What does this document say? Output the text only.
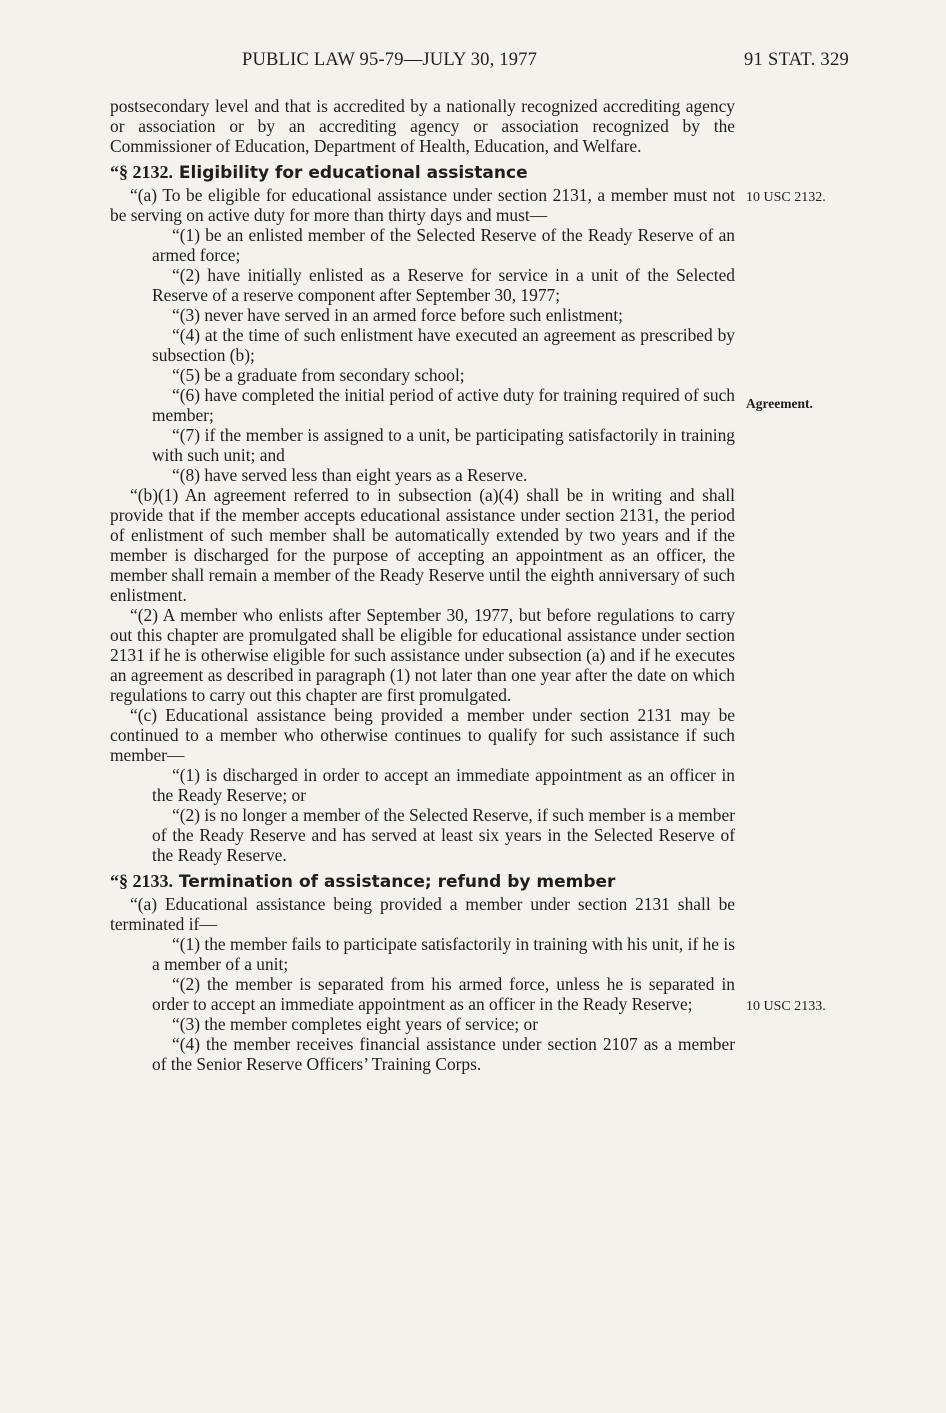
PUBLIC LAW 95-79—JULY 30, 1977	91 STAT. 329
10 USC 2132.
Agreement.
10 USC 2133.

postsecondary level and that is accredited by a nationally recognized accrediting agency or association or by an accrediting agency or association recognized by the Commissioner of Education, Department of Health, Education, and Welfare.

“§ 2132. Eligibility for educational assistance

“(a) To be eligible for educational assistance under section 2131, a member must not be serving on active duty for more than thirty days and must—

“(1) be an enlisted member of the Selected Reserve of the Ready Reserve of an armed force;

“(2) have initially enlisted as a Reserve for service in a unit of the Selected Reserve of a reserve component after September 30, 1977;

“(3) never have served in an armed force before such enlistment;

“(4) at the time of such enlistment have executed an agreement as prescribed by subsection (b);

“(5) be a graduate from secondary school;

“(6) have completed the initial period of active duty for training required of such member;

“(7) if the member is assigned to a unit, be participating satisfactorily in training with such unit; and

“(8) have served less than eight years as a Reserve.

“(b)(1) An agreement referred to in subsection (a)(4) shall be in writing and shall provide that if the member accepts educational assistance under section 2131, the period of enlistment of such member shall be automatically extended by two years and if the member is discharged for the purpose of accepting an appointment as an officer, the member shall remain a member of the Ready Reserve until the eighth anniversary of such enlistment.

“(2) A member who enlists after September 30, 1977, but before regulations to carry out this chapter are promulgated shall be eligible for educational assistance under section 2131 if he is otherwise eligible for such assistance under subsection (a) and if he executes an agreement as described in paragraph (1) not later than one year after the date on which regulations to carry out this chapter are first promulgated.

“(c) Educational assistance being provided a member under section 2131 may be continued to a member who otherwise continues to qualify for such assistance if such member—

“(1) is discharged in order to accept an immediate appointment as an officer in the Ready Reserve; or

“(2) is no longer a member of the Selected Reserve, if such member is a member of the Ready Reserve and has served at least six years in the Selected Reserve of the Ready Reserve.

“§ 2133. Termination of assistance; refund by member

“(a) Educational assistance being provided a member under section 2131 shall be terminated if—

“(1) the member fails to participate satisfactorily in training with his unit, if he is a member of a unit;

“(2) the member is separated from his armed force, unless he is separated in order to accept an immediate appointment as an officer in the Ready Reserve;

“(3) the member completes eight years of service; or

“(4) the member receives financial assistance under section 2107 as a member of the Senior Reserve Officers’ Training Corps.
